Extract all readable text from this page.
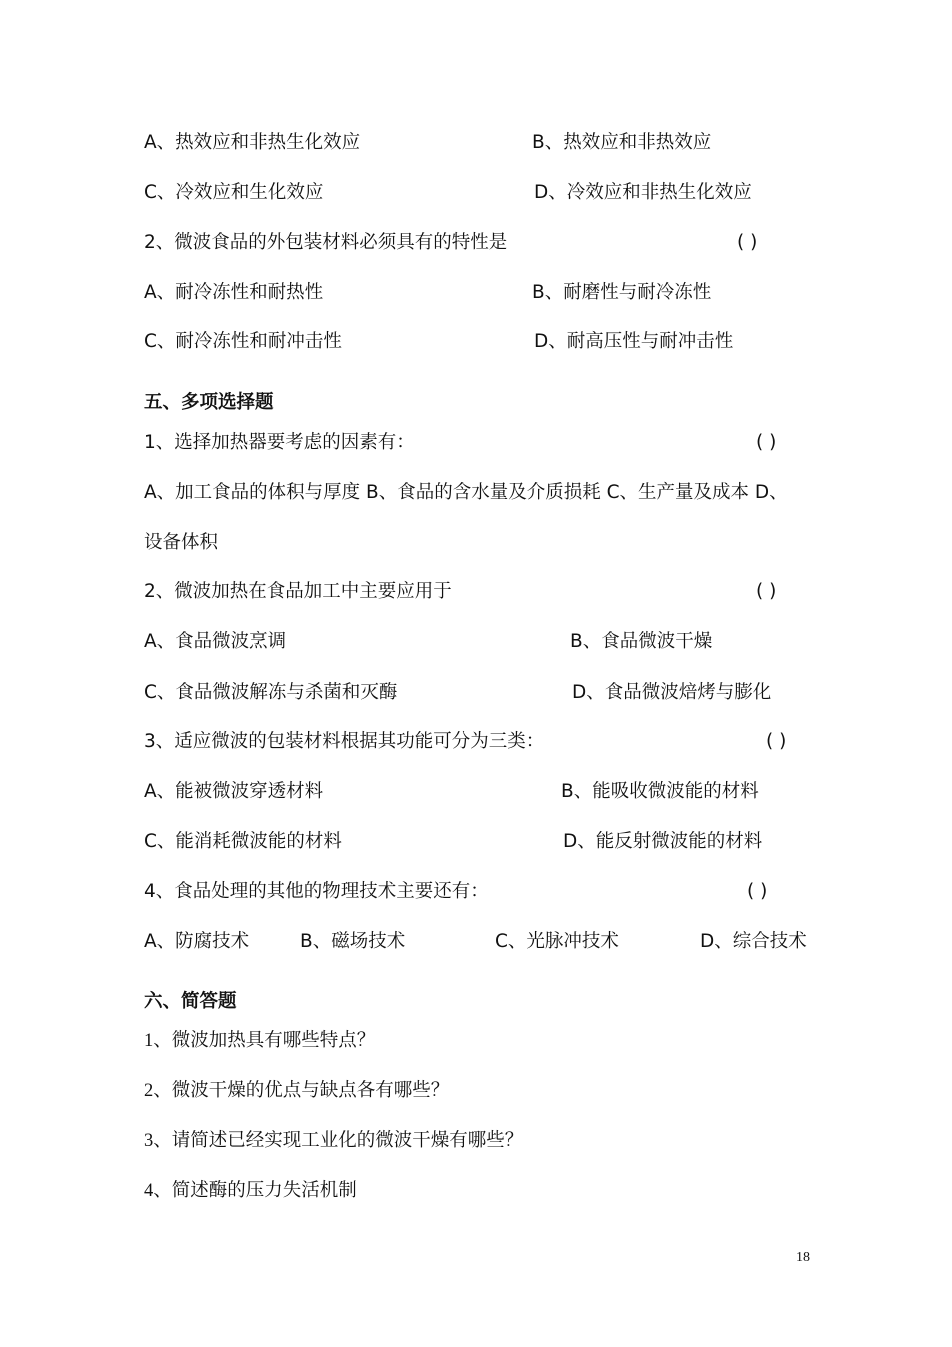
A、热效应和非热生化效应	B、热效应和非热效应
C、冷效应和生化效应	D、冷效应和非热生化效应
2、微波食品的外包装材料必须具有的特性是	( )
A、耐冷冻性和耐热性	B、耐磨性与耐冷冻性
C、耐冷冻性和耐冲击性	D、耐高压性与耐冲击性
五、多项选择题
1、选择加热器要考虑的因素有：	( )
A、加工食品的体积与厚度 B、食品的含水量及介质损耗 C、生产量及成本 D、
设备体积
2、微波加热在食品加工中主要应用于	( )
A、食品微波烹调	B、食品微波干燥
C、食品微波解冻与杀菌和灭酶	D、食品微波焙烤与膨化
3、适应微波的包装材料根据其功能可分为三类：	( )
A、能被微波穿透材料	B、能吸收微波能的材料
C、能消耗微波能的材料	D、能反射微波能的材料
4、食品处理的其他的物理技术主要还有：	( )
A、防腐技术	B、磁场技术	C、光脉冲技术	D、综合技术
六、简答题
1、微波加热具有哪些特点？
2、微波干燥的优点与缺点各有哪些？
3、请简述已经实现工业化的微波干燥有哪些？
4、简述酶的压力失活机制
18
